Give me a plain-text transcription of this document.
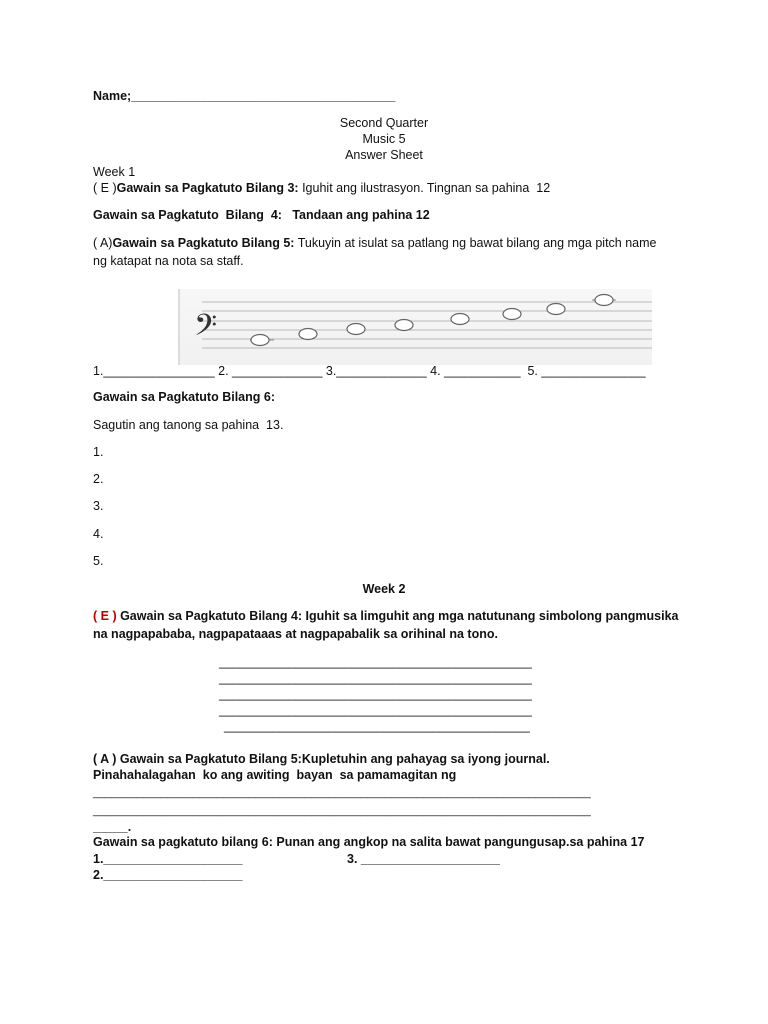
Name;______________________________________
Second Quarter
Music 5
Answer Sheet
Week 1
( E )Gawain sa Pagkatuto Bilang 3: Iguhit ang ilustrasyon. Tingnan sa pahina  12
Gawain sa Pagkatuto  Bilang  4:   Tandaan ang pahina 12
( A)Gawain sa Pagkatuto Bilang 5: Tukuyin at isulat sa patlang ng bawat bilang ang mga pitch name
ng katapat na nota sa staff.
𝄢
1.________________ 2. _____________ 3._____________ 4. ___________  5. _______________
Gawain sa Pagkatuto Bilang 6:
Sagutin ang tanong sa pahina  13.
1.
2.
3.
4.
5.
Week 2
( E ) Gawain sa Pagkatuto Bilang 4: Iguhit sa limguhit ang mga natutunang simbolong pangmusika
na nagpapababa, nagpapataaas at nagpapabalik sa orihinal na tono.
_____________________________________________
_____________________________________________
_____________________________________________
_____________________________________________
____________________________________________
( A ) Gawain sa Pagkatuto Bilang 5:Kupletuhin ang pahayag sa iyong journal.
Pinahahalagahan  ko ang awiting  bayan  sa pamamagitan ng
________________________________________________________________________________
________________________________________________________________________________
_____.
Gawain sa pagkatuto bilang 6: Punan ang angkop na salita bawat pangungusap.sa pahina 17
1.____________________	3. ____________________
2.____________________
